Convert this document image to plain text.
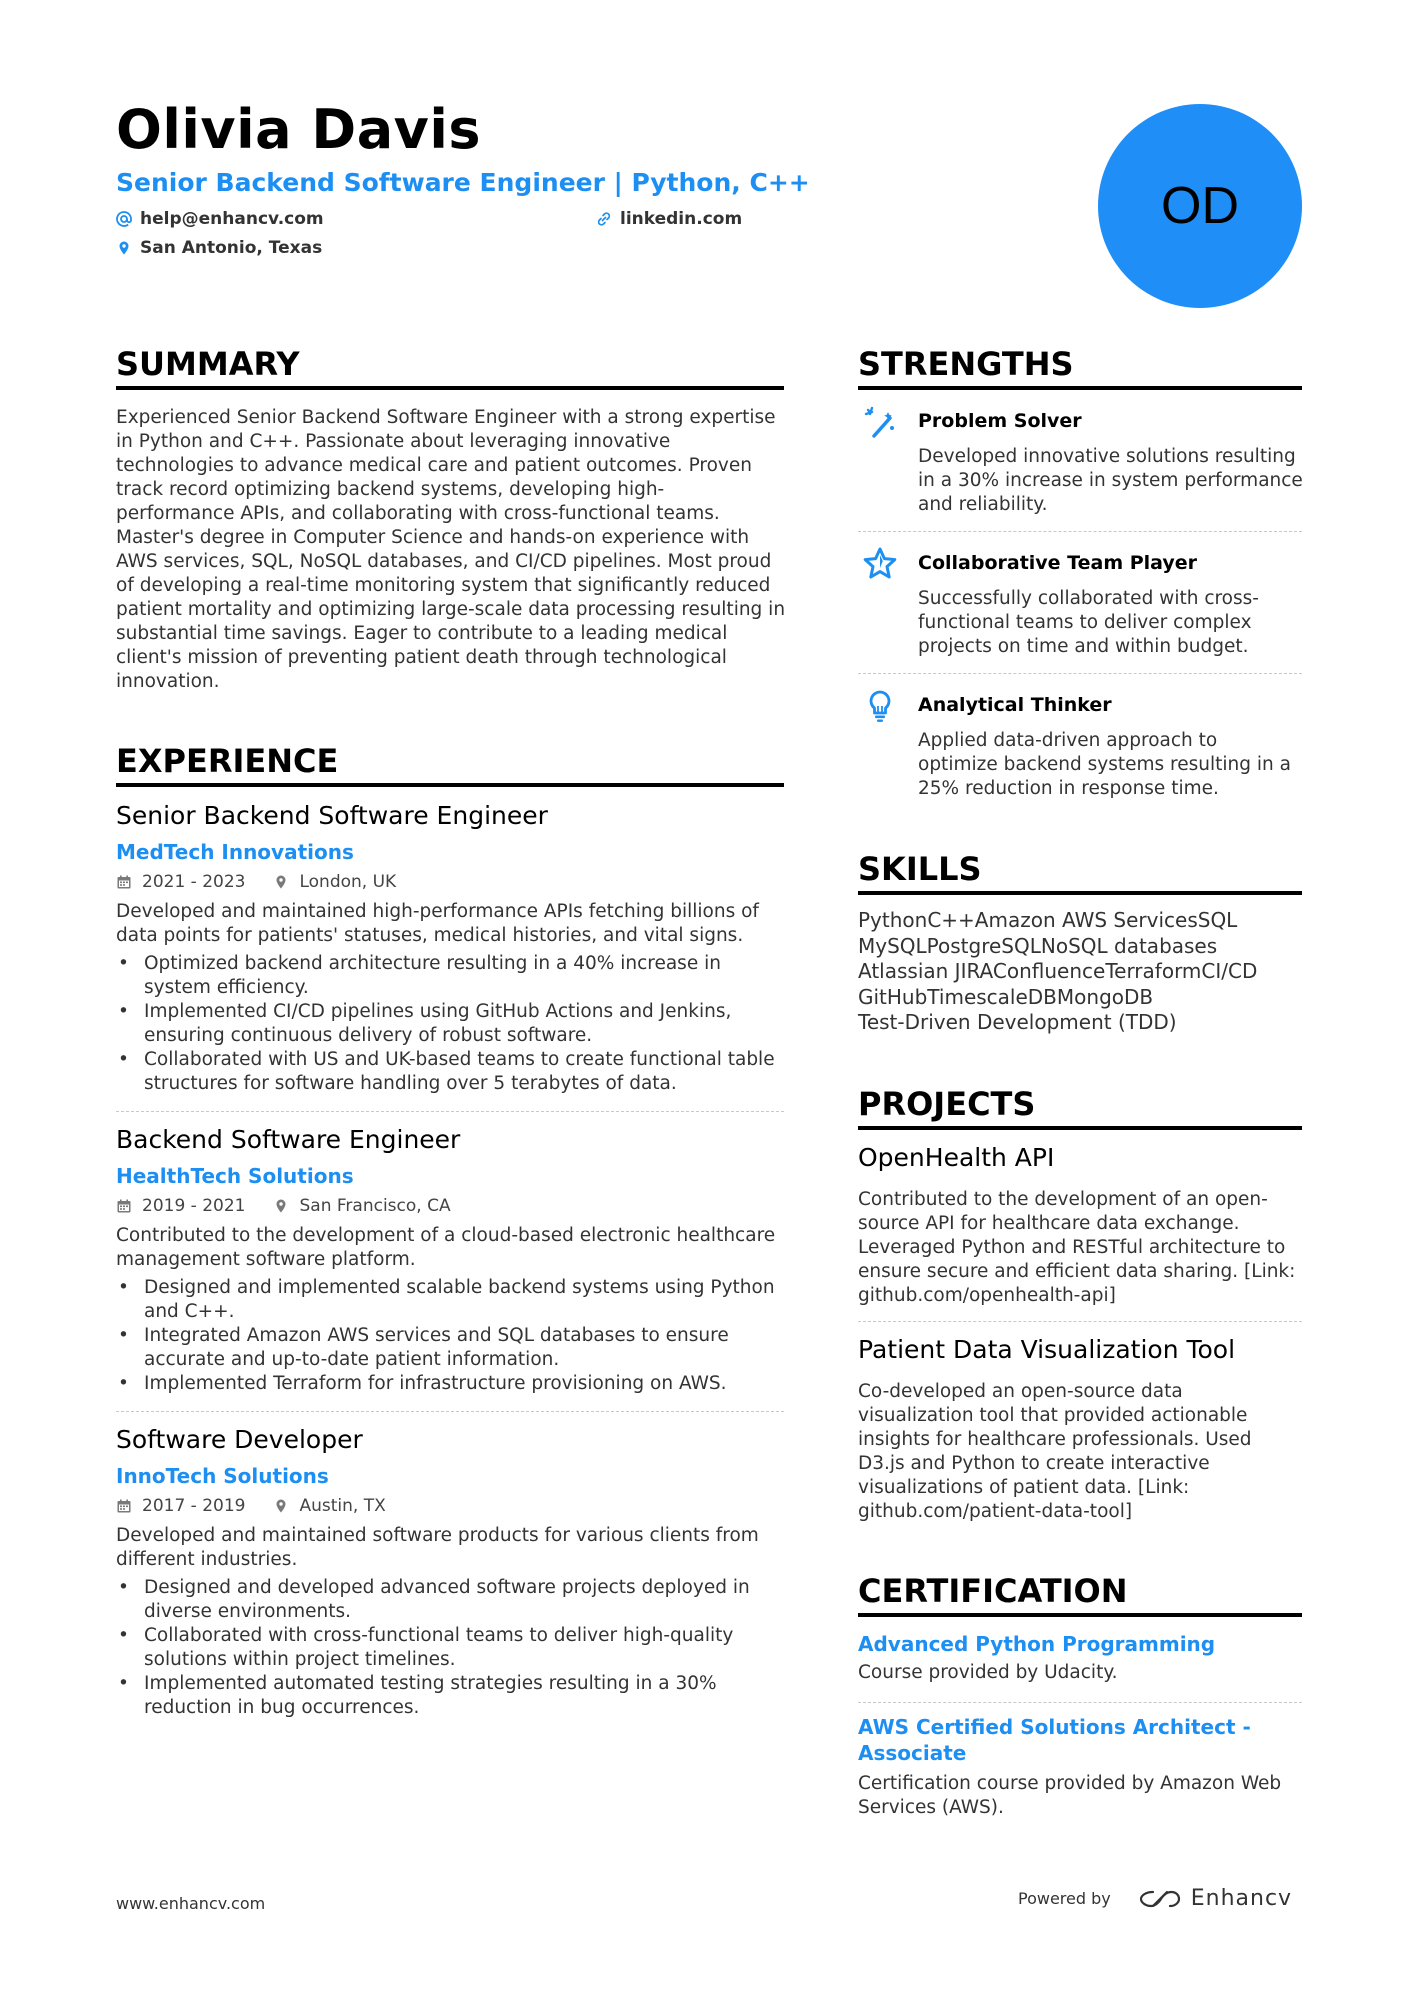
Olivia Davis
Senior Backend Software Engineer | Python, C++
help@enhancv.com	linkedin.com
San Antonio, Texas
OD
SUMMARY
Experienced Senior Backend Software Engineer with a strong expertise
in Python and C++. Passionate about leveraging innovative
technologies to advance medical care and patient outcomes. Proven
track record optimizing backend systems, developing high-
performance APIs, and collaborating with cross-functional teams.
Master's degree in Computer Science and hands-on experience with
AWS services, SQL, NoSQL databases, and CI/CD pipelines. Most proud
of developing a real-time monitoring system that significantly reduced
patient mortality and optimizing large-scale data processing resulting in
substantial time savings. Eager to contribute to a leading medical
client's mission of preventing patient death through technological
innovation.
EXPERIENCE
Senior Backend Software Engineer
MedTech Innovations
2021 - 2023	London, UK
Developed and maintained high-performance APIs fetching billions of
data points for patients' statuses, medical histories, and vital signs.
• Optimized backend architecture resulting in a 40% increase in
system efficiency.
• Implemented CI/CD pipelines using GitHub Actions and Jenkins,
ensuring continuous delivery of robust software.
• Collaborated with US and UK-based teams to create functional table
structures for software handling over 5 terabytes of data.
Backend Software Engineer
HealthTech Solutions
2019 - 2021	San Francisco, CA
Contributed to the development of a cloud-based electronic healthcare
management software platform.
• Designed and implemented scalable backend systems using Python
and C++.
• Integrated Amazon AWS services and SQL databases to ensure
accurate and up-to-date patient information.
• Implemented Terraform for infrastructure provisioning on AWS.
Software Developer
InnoTech Solutions
2017 - 2019	Austin, TX
Developed and maintained software products for various clients from
different industries.
• Designed and developed advanced software projects deployed in
diverse environments.
• Collaborated with cross-functional teams to deliver high-quality
solutions within project timelines.
• Implemented automated testing strategies resulting in a 30%
reduction in bug occurrences.
STRENGTHS
Problem Solver
Developed innovative solutions resulting
in a 30% increase in system performance
and reliability.
Collaborative Team Player
Successfully collaborated with cross-
functional teams to deliver complex
projects on time and within budget.
Analytical Thinker
Applied data-driven approach to
optimize backend systems resulting in a
25% reduction in response time.
SKILLS
PythonC++Amazon AWS ServicesSQL
MySQLPostgreSQLNoSQL databases
Atlassian JIRAConfluenceTerraformCI/CD
GitHubTimescaleDBMongoDB
Test-Driven Development (TDD)
PROJECTS
OpenHealth API
Contributed to the development of an open-
source API for healthcare data exchange.
Leveraged Python and RESTful architecture to
ensure secure and efficient data sharing. [Link:
github.com/openhealth-api]
Patient Data Visualization Tool
Co-developed an open-source data
visualization tool that provided actionable
insights for healthcare professionals. Used
D3.js and Python to create interactive
visualizations of patient data. [Link:
github.com/patient-data-tool]
CERTIFICATION
Advanced Python Programming
Course provided by Udacity.
AWS Certified Solutions Architect -
Associate
Certification course provided by Amazon Web
Services (AWS).
www.enhancv.com	Powered by	Enhancv
